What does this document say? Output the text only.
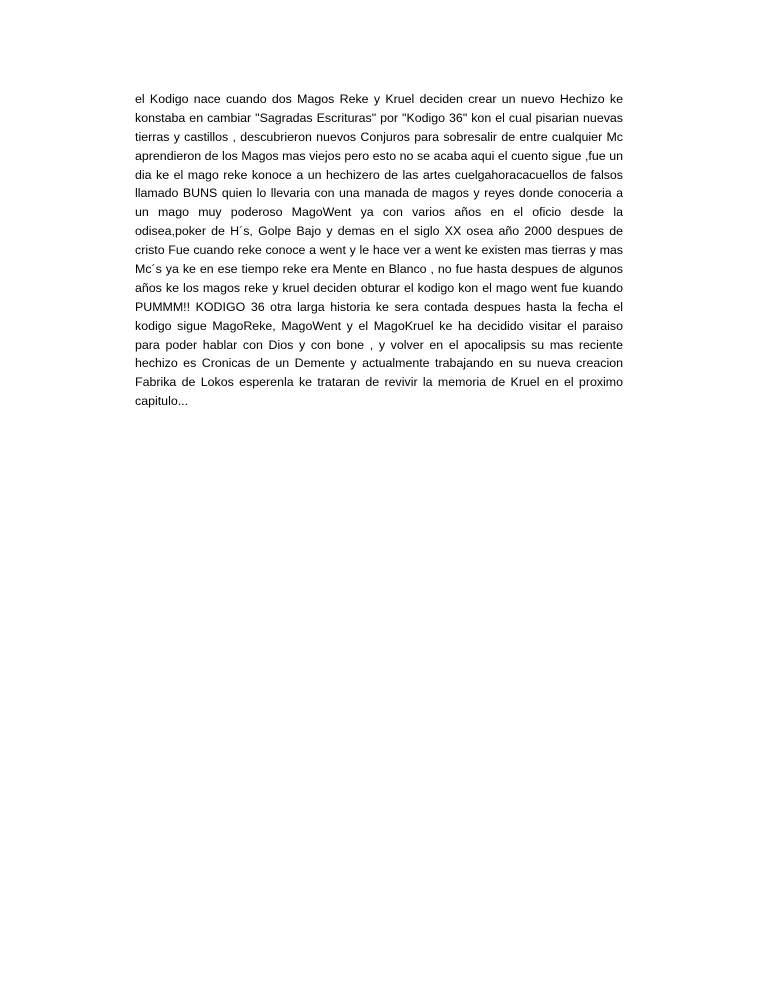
el Kodigo nace cuando dos Magos Reke y Kruel deciden crear un nuevo Hechizo ke
konstaba en cambiar "Sagradas Escrituras" por "Kodigo 36" kon el cual pisarian nuevas
tierras y castillos , descubrieron nuevos Conjuros para sobresalir de entre cualquier Mc
aprendieron de los Magos mas viejos pero esto no se acaba aqui el cuento sigue ,fue un
dia ke el mago reke konoce a un hechizero de las artes cuelgahoracacuellos de falsos
llamado BUNS quien lo llevaria con una manada de magos y reyes donde conoceria a
un mago muy poderoso MagoWent ya con varios años en el oficio desde la
odisea,poker de H´s, Golpe Bajo y demas en el siglo XX osea año 2000 despues de
cristo Fue cuando reke conoce a went y le hace ver a went ke existen mas tierras y mas
Mc´s ya ke en ese tiempo reke era Mente en Blanco , no fue hasta despues de algunos
años ke los magos reke y kruel deciden obturar el kodigo kon el mago went fue kuando
PUMMM!! KODIGO 36 otra larga historia ke sera contada despues hasta la fecha el
kodigo sigue MagoReke, MagoWent y el MagoKruel ke ha decidido visitar el paraiso
para poder hablar con Dios y con bone , y volver en el apocalipsis su mas reciente
hechizo es Cronicas de un Demente y actualmente trabajando en su nueva creacion
Fabrika de Lokos esperenla ke trataran de revivir la memoria de Kruel en el proximo
capitulo...
